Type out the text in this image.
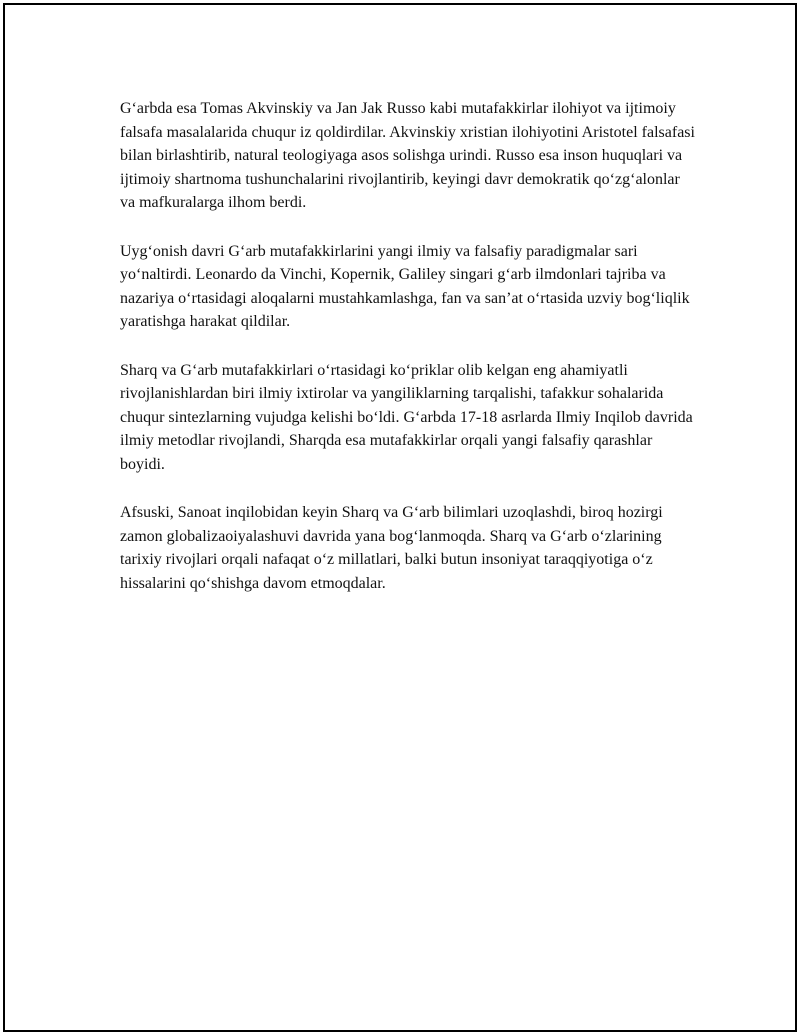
G‘arbda esa Tomas Akvinskiy va Jan Jak Russo kabi mutafakkirlar ilohiyot va ijtimoiy falsafa masalalarida chuqur iz qoldirdilar. Akvinskiy xristian ilohiyotini Aristotel falsafasi bilan birlashtirib, natural teologiyaga asos solishga urindi. Russo esa inson huquqlari va ijtimoiy shartnoma tushunchalarini rivojlantirib, keyingi davr demokratik qo‘zg‘alonlar va mafkuralarga ilhom berdi.

Uyg‘onish davri G‘arb mutafakkirlarini yangi ilmiy va falsafiy paradigmalar sari yo‘naltirdi. Leonardo da Vinchi, Kopernik, Galiley singari g‘arb ilmdonlari tajriba va nazariya o‘rtasidagi aloqalarni mustahkamlashga, fan va san’at o‘rtasida uzviy bog‘liqlik yaratishga harakat qildilar.

Sharq va G‘arb mutafakkirlari o‘rtasidagi ko‘priklar olib kelgan eng ahamiyatli rivojlanishlardan biri ilmiy ixtirolar va yangiliklarning tarqalishi, tafakkur sohalarida chuqur sintezlarning vujudga kelishi bo‘ldi. G‘arbda 17-18 asrlarda Ilmiy Inqilob davrida ilmiy metodlar rivojlandi, Sharqda esa mutafakkirlar orqali yangi falsafiy qarashlar boyidi.

Afsuski, Sanoat inqilobidan keyin Sharq va G‘arb bilimlari uzoqlashdi, biroq hozirgi zamon globalizaoiyalashuvi davrida yana bog‘lanmoqda. Sharq va G‘arb o‘zlarining tarixiy rivojlari orqali nafaqat o‘z millatlari, balki butun insoniyat taraqqiyotiga o‘z hissalarini qo‘shishga davom etmoqdalar.
